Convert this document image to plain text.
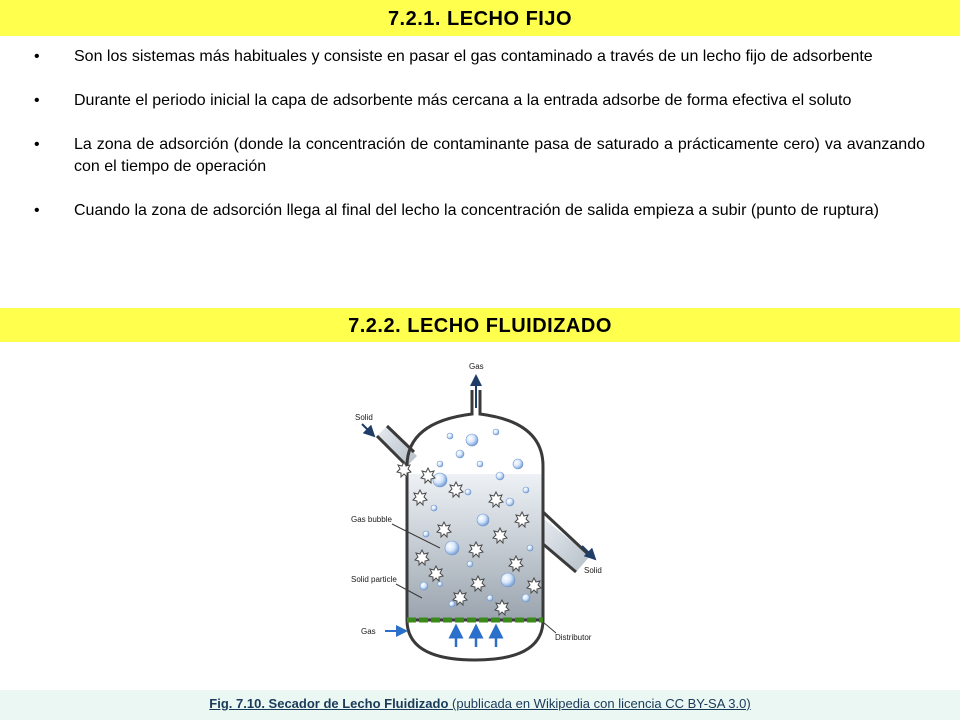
7.2.1. LECHO FIJO
• Son los sistemas más habituales y consiste en pasar el gas contaminado a través de un lecho fijo de adsorbente
• Durante el periodo inicial la capa de adsorbente más cercana a la entrada adsorbe de forma efectiva el soluto
• La zona de adsorción (donde la concentración de contaminante pasa de saturado a prácticamente cero) va avanzando con el tiempo de operación
• Cuando la zona de adsorción llega al final del lecho la concentración de salida empieza a subir (punto de ruptura)
7.2.2. LECHO FLUIDIZADO
Gas
Solid
Gas bubble
Solid particle
Gas
Distributor
Solid
Fig. 7.10. Secador de Lecho Fluidizado (publicada en Wikipedia con licencia CC BY-SA 3.0)
